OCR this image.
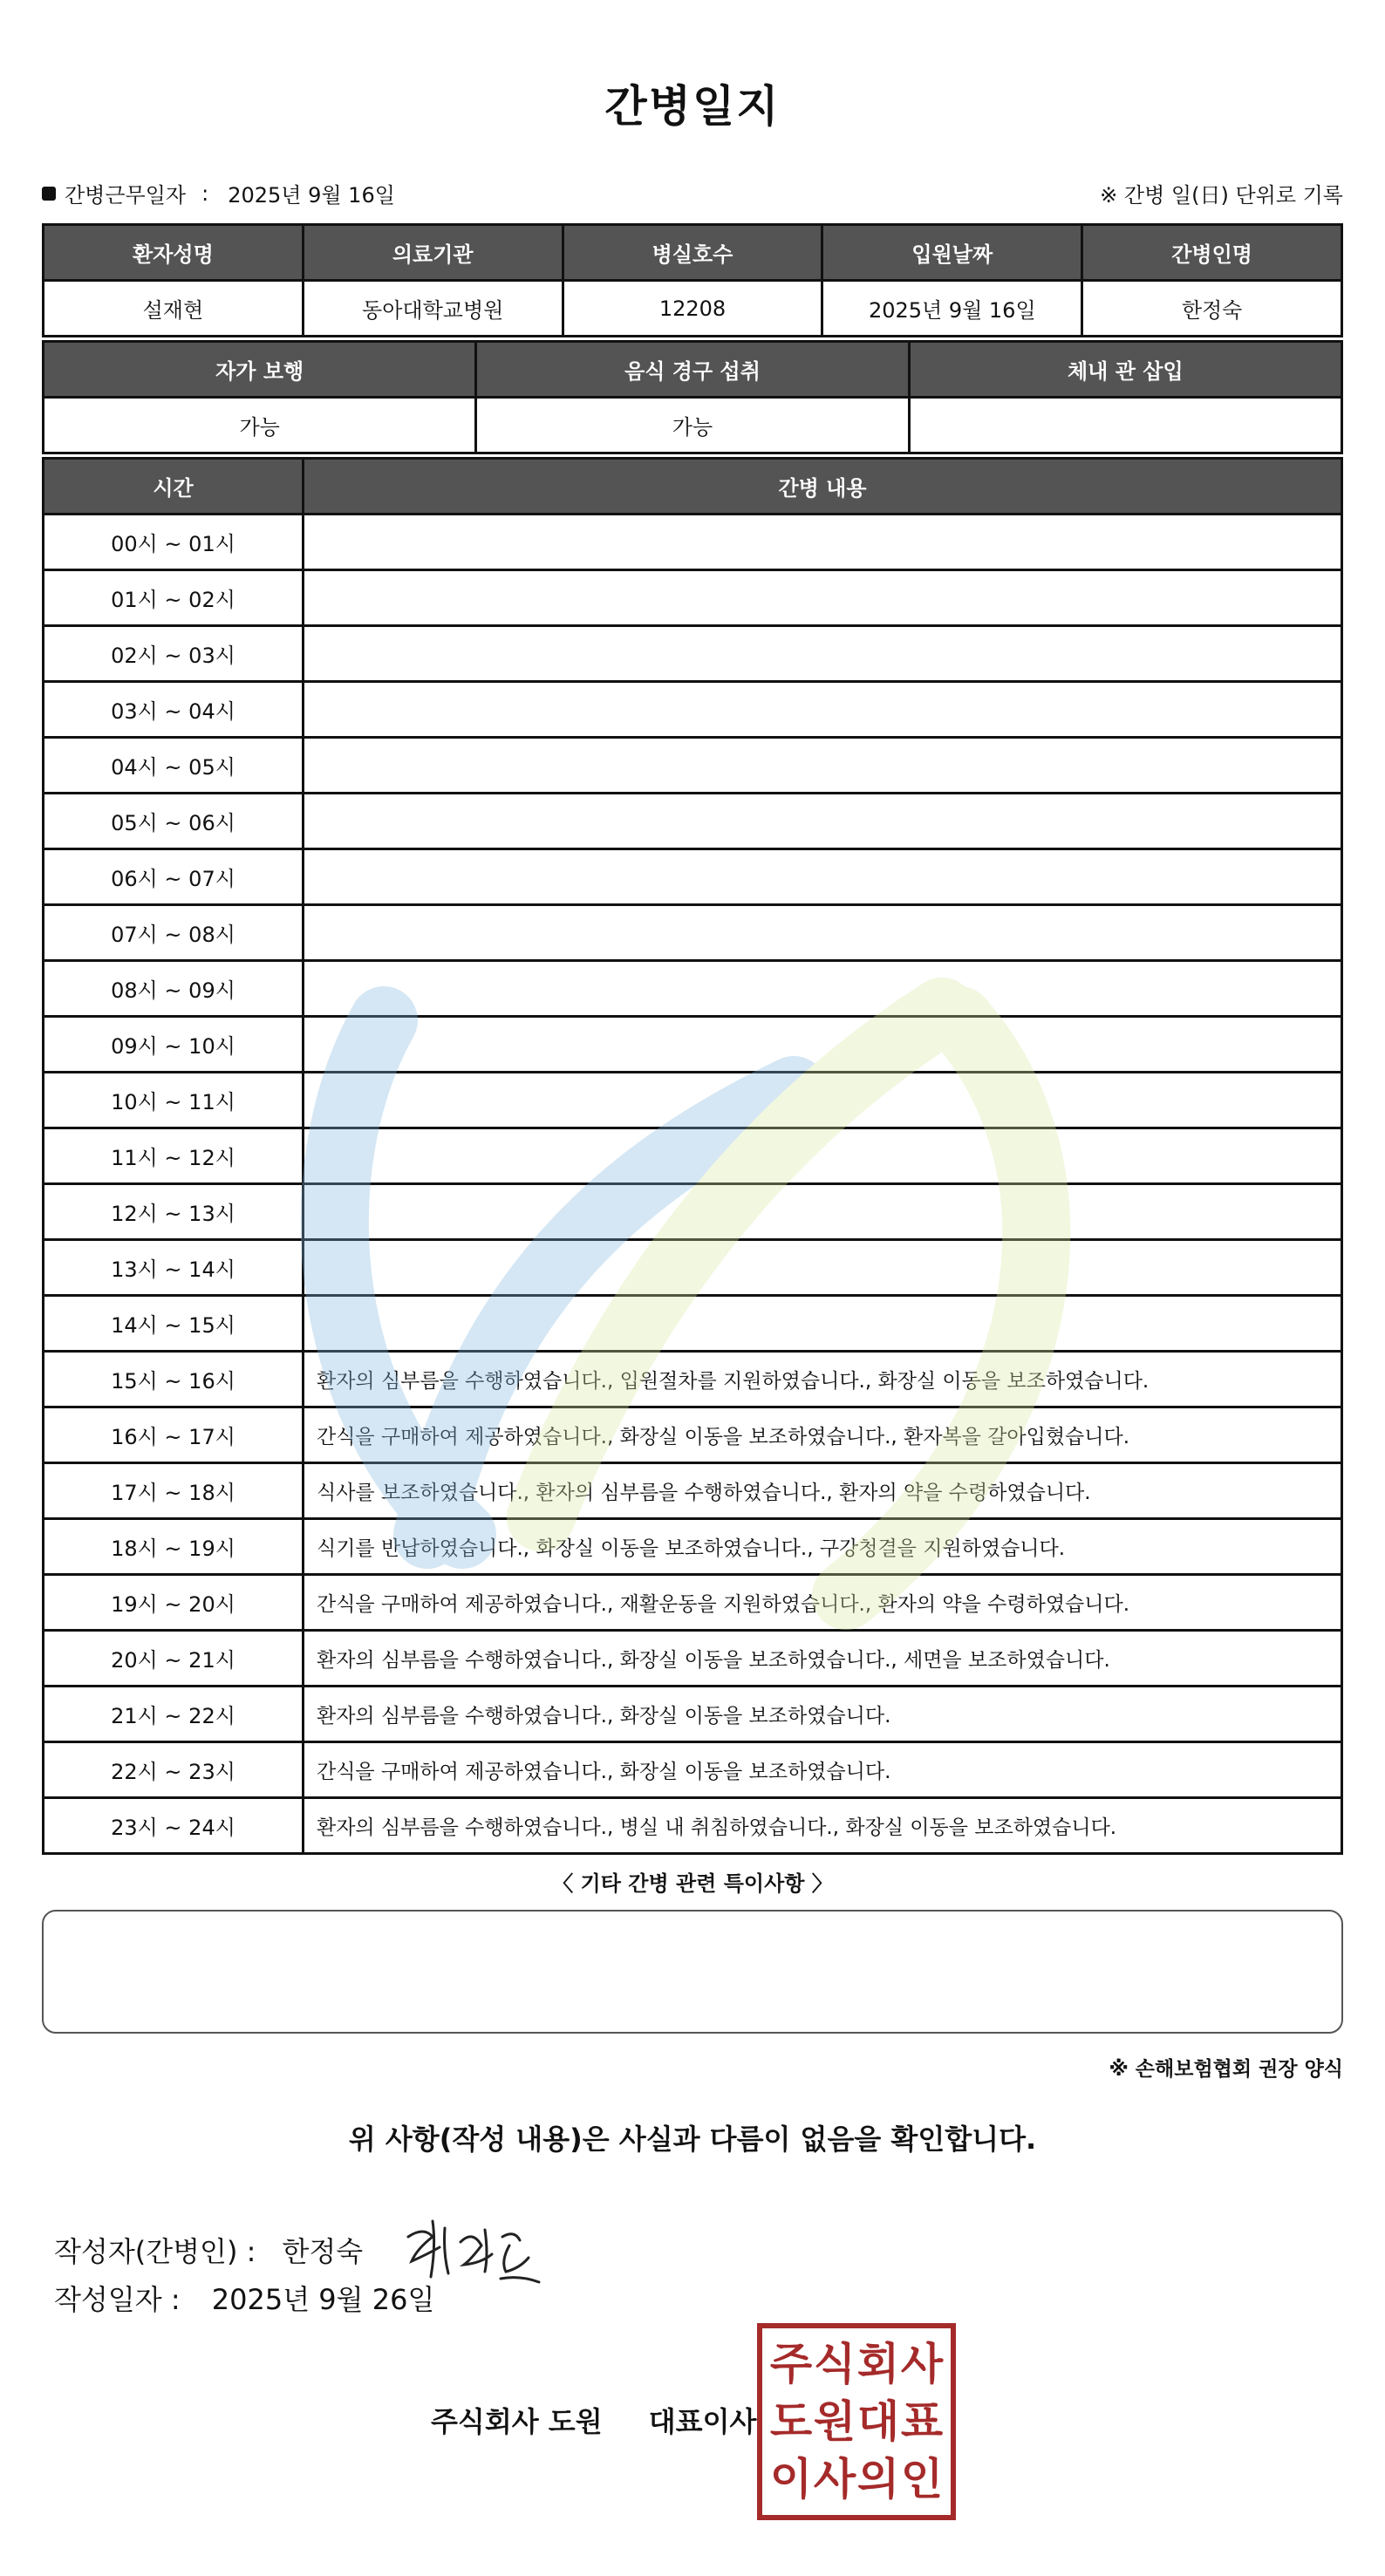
간병일지
간병근무일자 : 2025년 9월 16일	※ 간병 일(日) 단위로 기록
환자성명	의료기관	병실호수	입원날짜	간병인명
설재현	동아대학교병원	12208	2025년 9월 16일	한정숙
자가 보행	음식 경구 섭취	체내 관 삽입
가능	가능	
시간	간병 내용
00시 ~ 01시	
01시 ~ 02시	
02시 ~ 03시	
03시 ~ 04시	
04시 ~ 05시	
05시 ~ 06시	
06시 ~ 07시	
07시 ~ 08시	
08시 ~ 09시	
09시 ~ 10시	
10시 ~ 11시	
11시 ~ 12시	
12시 ~ 13시	
13시 ~ 14시	
14시 ~ 15시	
15시 ~ 16시	환자의 심부름을 수행하였습니다., 입원절차를 지원하였습니다., 화장실 이동을 보조하였습니다.
16시 ~ 17시	간식을 구매하여 제공하였습니다., 화장실 이동을 보조하였습니다., 환자복을 갈아입혔습니다.
17시 ~ 18시	식사를 보조하였습니다., 환자의 심부름을 수행하였습니다., 환자의 약을 수령하였습니다.
18시 ~ 19시	식기를 반납하였습니다., 화장실 이동을 보조하였습니다., 구강청결을 지원하였습니다.
19시 ~ 20시	간식을 구매하여 제공하였습니다., 재활운동을 지원하였습니다., 환자의 약을 수령하였습니다.
20시 ~ 21시	환자의 심부름을 수행하였습니다., 화장실 이동을 보조하였습니다., 세면을 보조하였습니다.
21시 ~ 22시	환자의 심부름을 수행하였습니다., 화장실 이동을 보조하였습니다.
22시 ~ 23시	간식을 구매하여 제공하였습니다., 화장실 이동을 보조하였습니다.
23시 ~ 24시	환자의 심부름을 수행하였습니다., 병실 내 취침하였습니다., 화장실 이동을 보조하였습니다.
〈 기타 간병 관련 특이사항 〉
※ 손해보험협회 권장 양식
위 사항(작성 내용)은 사실과 다름이 없음을 확인합니다.
작성자(간병인) : 한정숙
작성일자 : 2025년 9월 26일
주식회사 도원 대표이사
주 식 회 사
도 원 대 표
이 사 의 인
